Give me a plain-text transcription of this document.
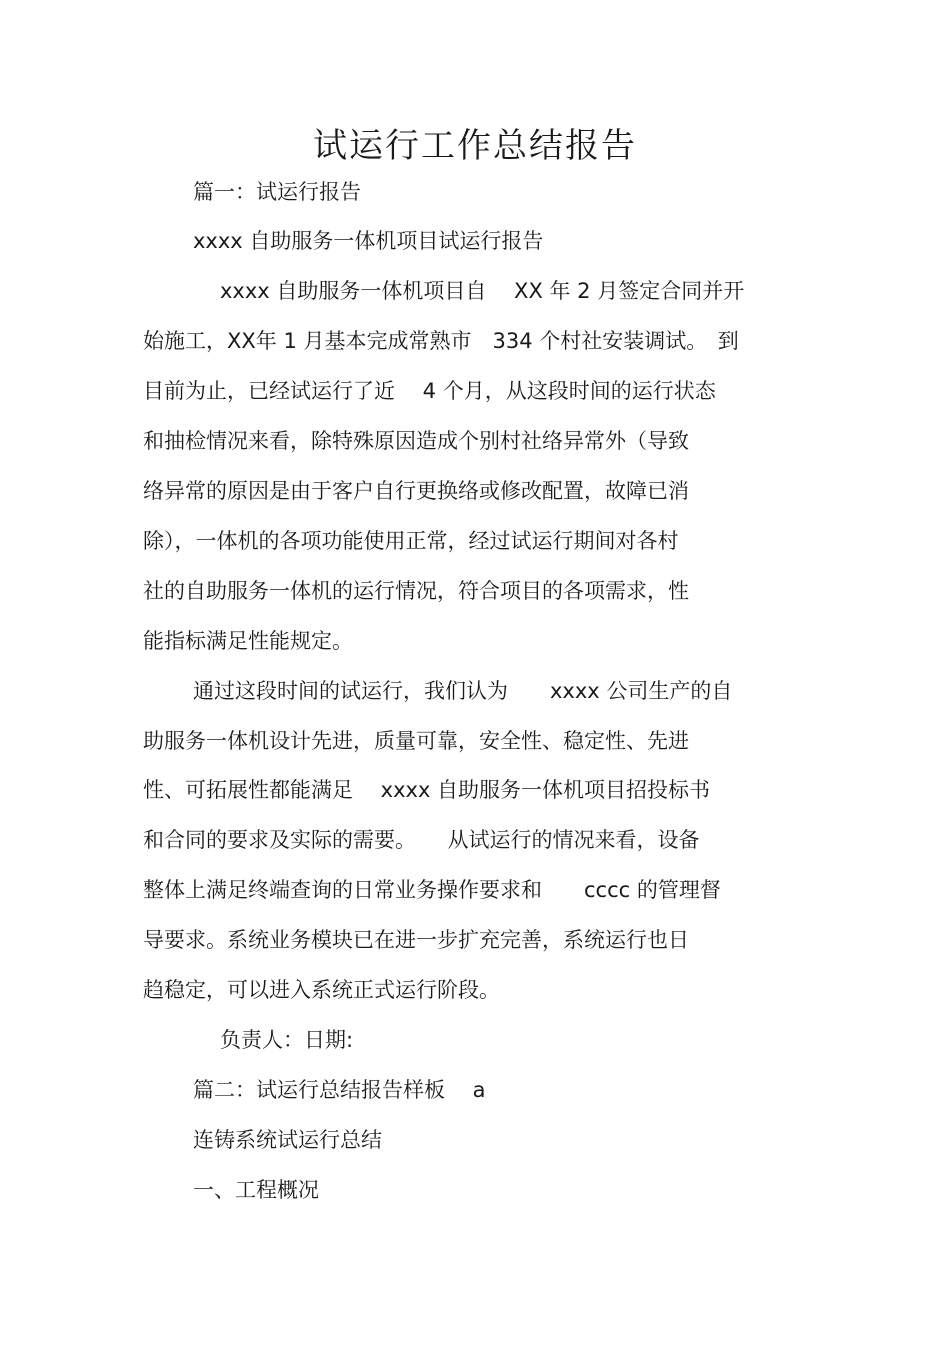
试运行工作总结报告
篇一：试运行报告
xxxx 自助服务一体机项目试运行报告
xxxx 自助服务一体机项目自　 XX 年 2 月签定合同并开
始施工，XX年 1 月基本完成常熟市　334 个村社安装调试。　到
目前为止，已经试运行了近　 4 个月，从这段时间的运行状态
和抽检情况来看，除特殊原因造成个别村社络异常外（导致
络异常的原因是由于客户自行更换络或修改配置，故障已消
除），一体机的各项功能使用正常，经过试运行期间对各村
社的自助服务一体机的运行情况，符合项目的各项需求，性
能指标满足性能规定。
通过这段时间的试运行，我们认为　　xxxx 公司生产的自
助服务一体机设计先进，质量可靠，安全性、稳定性、先进
性、可拓展性都能满足　 xxxx 自助服务一体机项目招投标书
和合同的要求及实际的需要。　　从试运行的情况来看，设备
整体上满足终端查询的日常业务操作要求和　　cccc 的管理督
导要求。系统业务模块已在进一步扩充完善，系统运行也日
趋稳定，可以进入系统正式运行阶段。
负责人：日期:
篇二：试运行总结报告样板　 a
连铸系统试运行总结
一、工程概况
